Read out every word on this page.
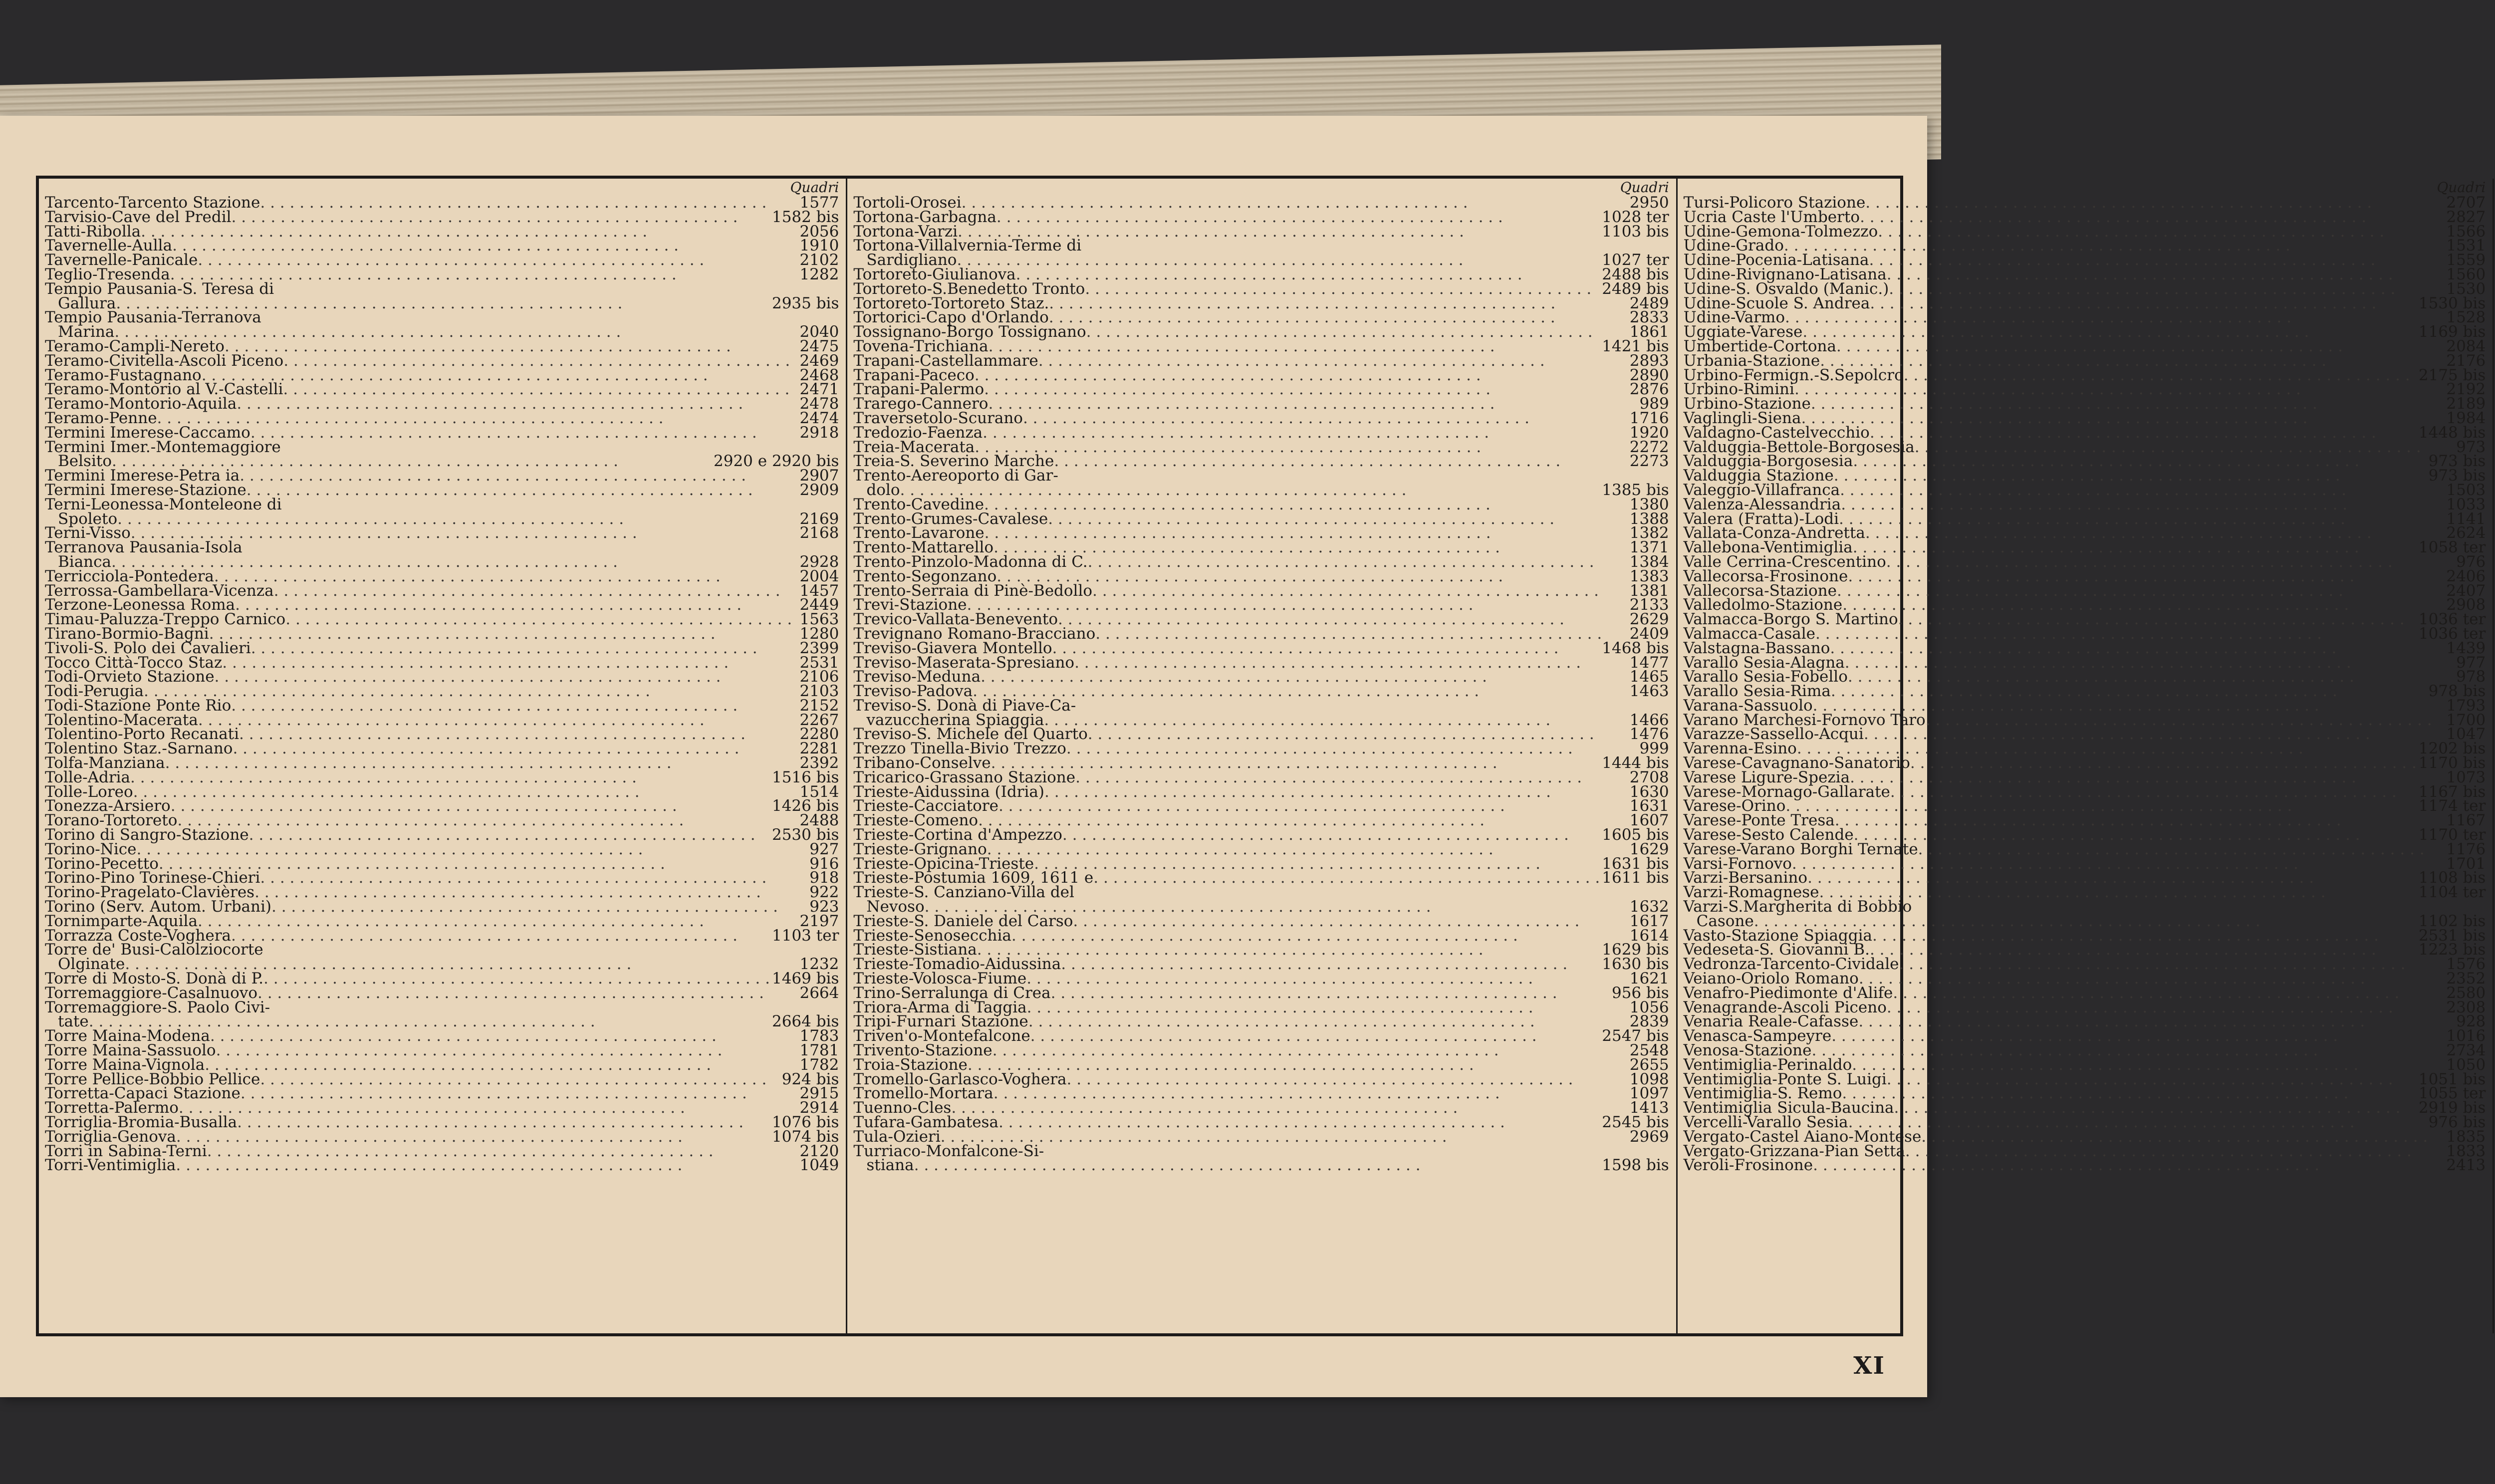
Quadri
Tarcento-Tarcento Stazione . . .	1577
Tarvisio-Cave del Predil . . .	1582 bis
Tatti-Ribolla . . .	2056
Tavernelle-Aulla . . .	1910
Tavernelle-Panicale . . .	2102
Teglio-Tresenda . . .	1282
Tempio Pausania-S. Teresa di
Gallura . . .	2935 bis
Tempio Pausania-Terranova
Marina . . .	2040
Teramo-Campli-Nereto . . .	2475
Teramo-Civitella-Ascoli Piceno . . .	2469
Teramo-Fustagnano . . .	2468
Teramo-Montorio al V.-Castelli . . .	2471
Teramo-Montorio-Aquila . . .	2478
Teramo-Penne . . .	2474
Termini Imerese-Caccamo . . .	2918
Termini Imer.-Montemaggiore
Belsito . . .	2920 e 2920 bis
Termini Imerese-Petra ia . . .	2907
Termini Imerese-Stazione . . .	2909
Terni-Leonessa-Monteleone di
Spoleto . . .	2169
Terni-Visso . . .	2168
Terranova Pausania-Isola
Bianca . . .	2928
Terricciola-Pontedera . . .	2004
Terrossa-Gambellara-Vicenza . . .	1457
Terzone-Leonessa Roma . . .	2449
Timau-Paluzza-Treppo Carnico . . .	1563
Tirano-Bormio-Bagni . . .	1280
Tivoli-S. Polo dei Cavalieri . . .	2399
Tocco Città-Tocco Staz . . .	2531
Todi-Orvieto Stazione . . .	2106
Todi-Perugia . . .	2103
Todi-Stazione Ponte Rio . . .	2152
Tolentino-Macerata . . .	2267
Tolentino-Porto Recanati . . .	2280
Tolentino Staz.-Sarnano . . .	2281
Tolfa-Manziana . . .	2392
Tolle-Adria . . .	1516 bis
Tolle-Loreo . . .	1514
Tonezza-Arsiero . . .	1426 bis
Torano-Tortoreto . . .	2488
Torino di Sangro-Stazione . . .	2530 bis
Torino-Nice . . .	927
Torino-Pecetto . . .	916
Torino-Pino Torinese-Chieri . . .	918
Torino-Pragelato-Clavières . . .	922
Torino (Serv. Autom. Urbani) . . .	923
Tornimparte-Aquila . . .	2197
Torrazza Coste-Voghera . . .	1103 ter
Torre de' Busi-Calolziocorte
Olginate . . .	1232
Torre di Mosto-S. Donà di P. . . .	1469 bis
Torremaggiore-Casalnuovo . . .	2664
Torremaggiore-S. Paolo Civi-
tate . . .	2664 bis
Torre Maina-Modena . . .	1783
Torre Maina-Sassuolo . . .	1781
Torre Maina-Vignola . . .	1782
Torre Pellice-Bobbio Pellice . . .	924 bis
Torretta-Capaci Stazione . . .	2915
Torretta-Palermo . . .	2914
Torriglia-Bromia-Busalla . . .	1076 bis
Torriglia-Genova . . .	1074 bis
Torri in Sabina-Terni . . .	2120
Torri-Ventimiglia . . .	1049
Quadri
Tortoli-Orosei . . .	2950
Tortona-Garbagna . . .	1028 ter
Tortona-Varzi . . .	1103 bis
Tortona-Villalvernia-Terme di
Sardigliano . . .	1027 ter
Tortoreto-Giulianova . . .	2488 bis
Tortoreto-S.Benedetto Tronto . . .	2489 bis
Tortoreto-Tortoreto Staz. . . .	2489
Tortorici-Capo d'Orlando . . .	2833
Tossignano-Borgo Tossignano . . .	1861
Tovena-Trichiana . . .	1421 bis
Trapani-Castellammare . . .	2893
Trapani-Paceco . . .	2890
Trapani-Palermo . . .	2876
Trarego-Cannero . . .	989
Traversetolo-Scurano . . .	1716
Tredozio-Faenza . . .	1920
Treia-Macerata . . .	2272
Treia-S. Severino Marche . . .	2273
Trento-Aereoporto di Gar-
dolo . . .	1385 bis
Trento-Cavedine . . .	1380
Trento-Grumes-Cavalese . . .	1388
Trento-Lavarone . . .	1382
Trento-Mattarello . . .	1371
Trento-Pinzolo-Madonna di C. . . .	1384
Trento-Segonzano . . .	1383
Trento-Serraia di Pinè-Bedollo . . .	1381
Trevi-Stazione . . .	2133
Trevico-Vallata-Benevento . . .	2629
Trevignano Romano-Bracciano . . .	2409
Treviso-Giavera Montello . . .	1468 bis
Treviso-Maserata-Spresiano . . .	1477
Treviso-Meduna . . .	1465
Treviso-Padova . . .	1463
Treviso-S. Donà di Piave-Ca-
vazuccherina Spiaggia . . .	1466
Treviso-S. Michele del Quarto . . .	1476
Trezzo Tinella-Bivio Trezzo . . .	999
Tribano-Conselve . . .	1444 bis
Tricarico-Grassano Stazione . . .	2708
Trieste-Aidussina (Idria) . . .	1630
Trieste-Cacciatore . . .	1631
Trieste-Comeno . . .	1607
Trieste-Cortina d'Ampezzo . . .	1605 bis
Trieste-Grignano . . .	1629
Trieste-Opicina-Trieste . . .	1631 bis
Trieste-Postumia 1609, 1611 e . . .	1611 bis
Trieste-S. Canziano-Villa del
Nevoso . . .	1632
Trieste-S. Daniele del Carso . . .	1617
Trieste-Senosecchia . . .	1614
Trieste-Sistiana . . .	1629 bis
Trieste-Tomadio-Aidussina . . .	1630 bis
Trieste-Volosca-Fiume . . .	1621
Trino-Serralunga di Crea . . .	956 bis
Triora-Arma di Taggia . . .	1056
Tripi-Furnari Stazione . . .	2839
Triven'o-Montefalcone . . .	2547 bis
Trivento-Stazione . . .	2548
Troia-Stazione . . .	2655
Tromello-Garlasco-Voghera . . .	1098
Tromello-Mortara . . .	1097
Tuenno-Cles . . .	1413
Tufara-Gambatesa . . .	2545 bis
Tula-Ozieri . . .	2969
Turriaco-Monfalcone-Si-
stiana . . .	1598 bis
Quadri
Tursi-Policoro Stazione . . .	2707
Ucria Caste l'Umberto . . .	2827
Udine-Gemona-Tolmezzo . . .	1566
Udine-Grado . . .	1531
Udine-Pocenia-Latisana . . .	1559
Udine-Rivignano-Latisana . . .	1560
Udine-S. Osvaldo (Manic.) . . .	1530
Udine-Scuole S. Andrea . . .	1530 bis
Udine-Varmo . . .	1528
Uggiate-Varese . . .	1169 bis
Umbertide-Cortona . . .	2084
Urbania-Stazione . . .	2176
Urbino-Fermign.-S.Sepolcro . . .	2175 bis
Urbino-Rimini . . .	2192
Urbino-Stazione . . .	2189
Vaglingli-Siena . . .	1984
Valdagno-Castelvecchio . . .	1448 bis
Valduggia-Bettole-Borgosesia . . .	973
Valduggia-Borgosesia . . .	973 bis
Valduggia Stazione . . .	973 bis
Valeggio-Villafranca . . .	1503
Valenza-Alessandria . . .	1033
Valera (Fratta)-Lodi . . .	1141
Vallata-Conza-Andretta . . .	2624
Vallebona-Ventimiglia . . .	1058 ter
Valle Cerrina-Crescentino . . .	976
Vallecorsa-Frosinone . . .	2406
Vallecorsa-Stazione . . .	2407
Valledolmo-Stazione . . .	2908
Valmacca-Borgo S. Martino . . .	1036 ter
Valmacca-Casale . . .	1036 ter
Valstagna-Bassano . . .	1439
Varallo Sesia-Alagna . . .	977
Varallo Sesia-Fobello . . .	978
Varallo Sesia-Rima . . .	978 bis
Varana-Sassuolo . . .	1793
Varano Marchesi-Fornovo Taro . . .	1700
Varazze-Sassello-Acqui . . .	1047
Varenna-Esino . . .	1202 bis
Varese-Cavagnano-Sanatorio . . .	1170 bis
Varese Ligure-Spezia . . .	1073
Varese-Mornago-Gallarate . . .	1167 bis
Varese-Orino . . .	1174 ter
Varese-Ponte Tresa . . .	1167
Varese-Sesto Calende . . .	1170 ter
Varese-Varano Borghi Ternate . . .	1176
Varsi-Fornovo . . .	1701
Varzi-Bersanino . . .	1108 bis
Varzi-Romagnese . . .	1104 ter
Varzi-S.Margherita di Bobbio
Casone . . .	1102 bis
Vasto-Stazione Spiaggia . . .	2531 bis
Vedeseta-S. Giovanni B. . . .	1223 bis
Vedronza-Tarcento-Cividale . . .	1576
Veiano-Oriolo Romano . . .	2352
Venafro-Piedimonte d'Alife . . .	2580
Venagrande-Ascoli Piceno . . .	2308
Venaria Reale-Cafasse . . .	928
Venasca-Sampeyre . . .	1016
Venosa-Stazione . . .	2734
Ventimiglia-Perinaldo . . .	1050
Ventimiglia-Ponte S. Luigi . . .	1051 bis
Ventimiglia-S. Remo . . .	1055 ter
Ventimiglia Sicula-Baucina . . .	2919 bis
Vercelli-Varallo Sesia . . .	976 bis
Vergato-Castel Aiano-Montese . . .	1835
Vergato-Grizzana-Pian Setta . . .	1833
Veroli-Frosinone . . .	2413
XI
